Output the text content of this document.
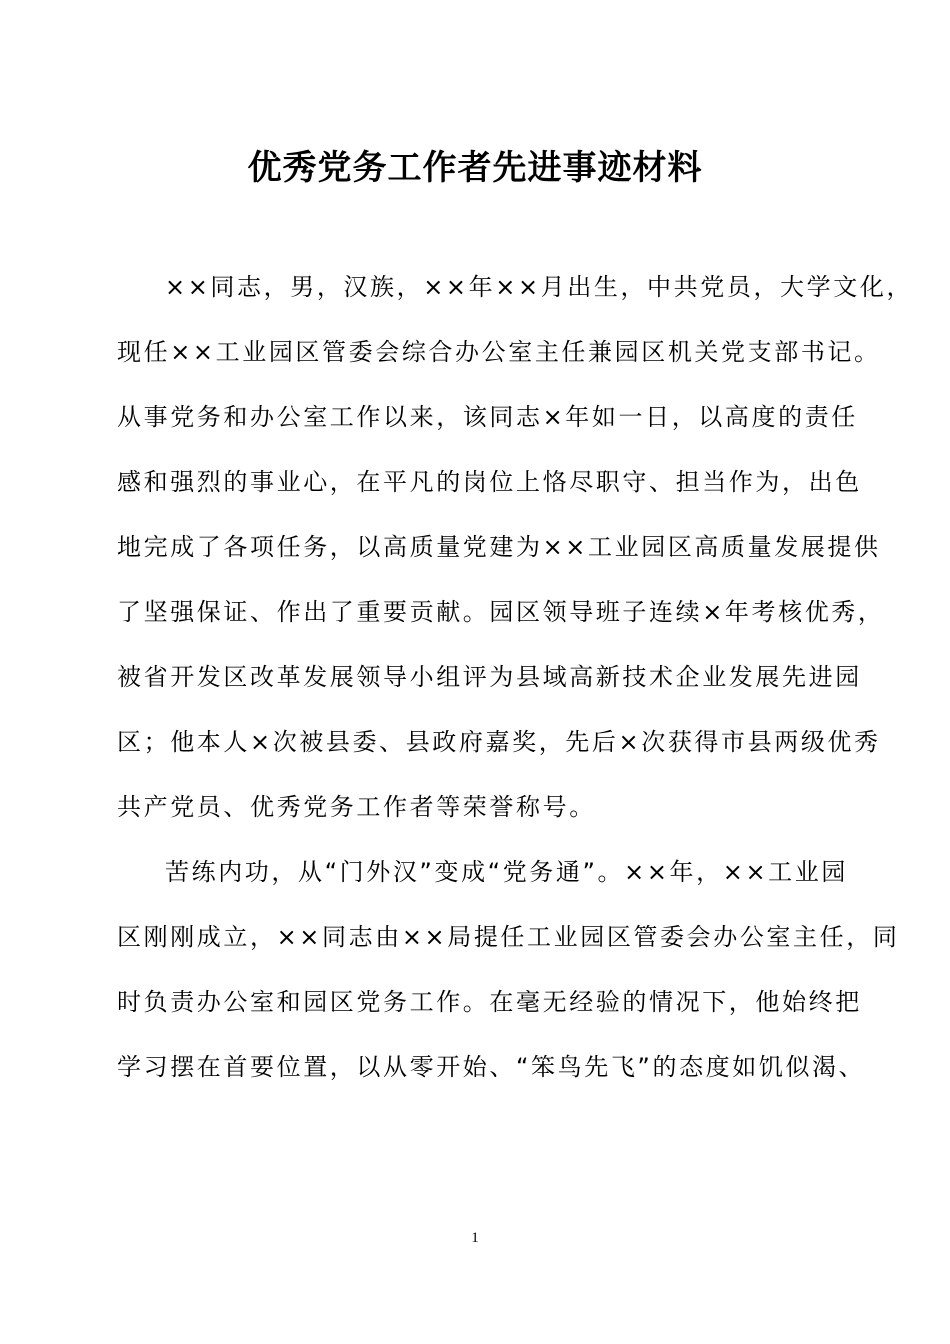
优秀党务工作者先进事迹材料
××同志，男，汉族，××年××月出生，中共党员，大学文化，
现任××工业园区管委会综合办公室主任兼园区机关党支部书记。
从事党务和办公室工作以来，该同志×年如一日，以高度的责任
感和强烈的事业心，在平凡的岗位上恪尽职守、担当作为，出色
地完成了各项任务，以高质量党建为××工业园区高质量发展提供
了坚强保证、作出了重要贡献。园区领导班子连续×年考核优秀，
被省开发区改革发展领导小组评为县域高新技术企业发展先进园
区；他本人×次被县委、县政府嘉奖，先后×次获得市县两级优秀
共产党员、优秀党务工作者等荣誉称号。
苦练内功，从“门外汉”变成“党务通”。××年，××工业园
区刚刚成立，××同志由××局提任工业园区管委会办公室主任，同
时负责办公室和园区党务工作。在毫无经验的情况下，他始终把
学习摆在首要位置，以从零开始、“笨鸟先飞”的态度如饥似渴、
1
